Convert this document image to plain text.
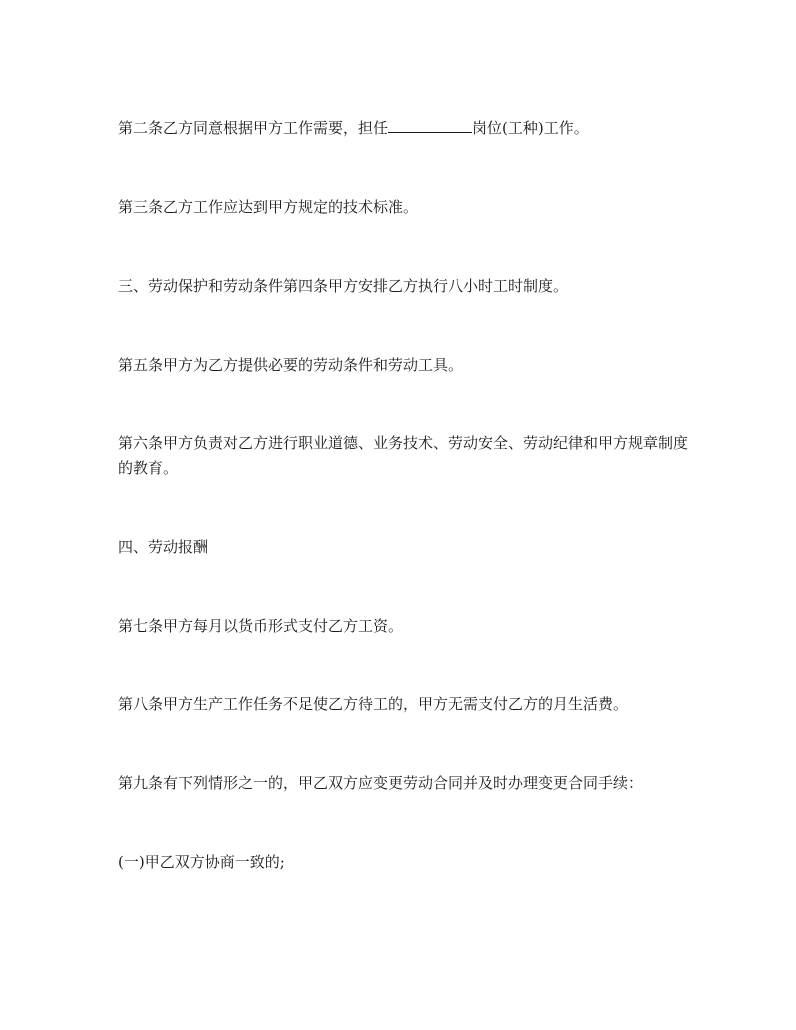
第二条乙方同意根据甲方工作需要，担任	岗位(工种)工作。

第三条乙方工作应达到甲方规定的技术标准。

三、劳动保护和劳动条件第四条甲方安排乙方执行八小时工时制度。

第五条甲方为乙方提供必要的劳动条件和劳动工具。

第六条甲方负责对乙方进行职业道德、业务技术、劳动安全、劳动纪律和甲方规章制度的教育。

四、劳动报酬

第七条甲方每月以货币形式支付乙方工资。

第八条甲方生产工作任务不足使乙方待工的，甲方无需支付乙方的月生活费。

第九条有下列情形之一的，甲乙双方应变更劳动合同并及时办理变更合同手续：

(一)甲乙双方协商一致的;
